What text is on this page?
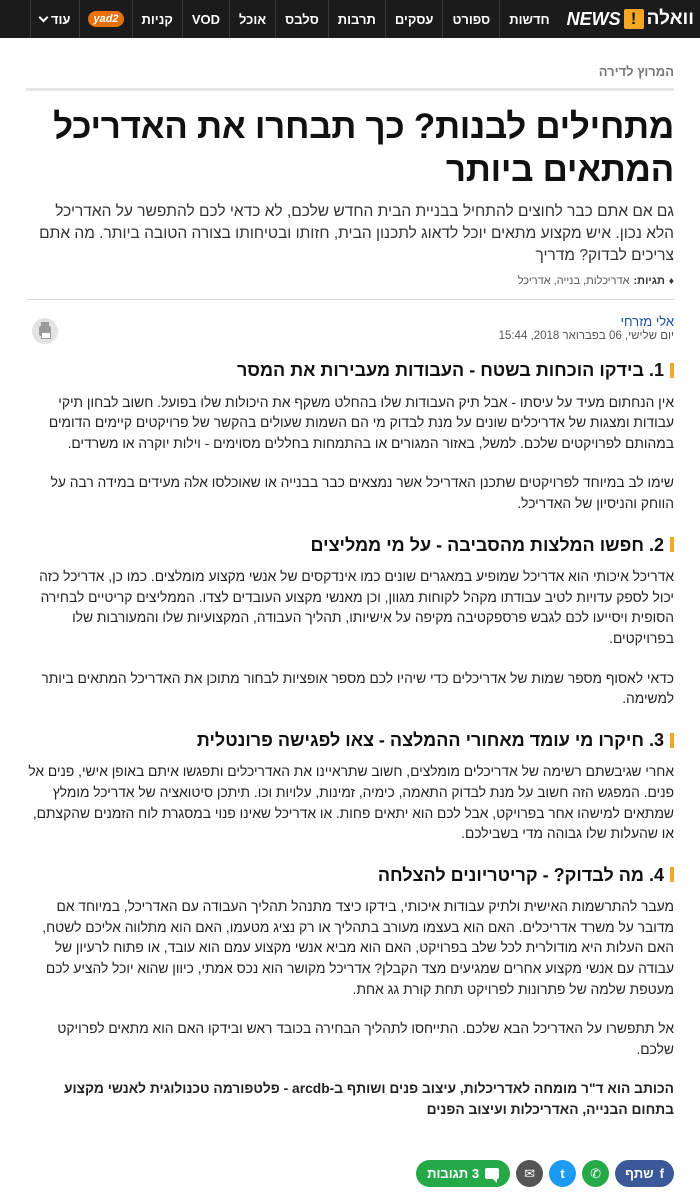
וואלה
!
NEWS
חדשות
ספורט
עסקים
תרבות
סלבס
אוכל
VOD
קניות
yad2
עוד
המרוץ לדירה
מתחילים לבנות? כך תבחרו את האדריכל המתאים ביותר

גם אם אתם כבר לחוצים להתחיל בבניית הבית החדש שלכם, לא כדאי לכם להתפשר על האדריכל הלא נכון. איש מקצוע מתאים יוכל לדאוג לתכנון הבית, חזותו ובטיחותו בצורה הטובה ביותר. מה אתם צריכים לבדוק? מדריך

♦
תגיות:
אדריכלות, בנייה, אדריכל
אלי מזרחי
יום שלישי, 06 בפברואר 2018, 15:44
1. בידקו הוכחות בשטח - העבודות מעבירות את המסר

אין הנחתום מעיד על עיסתו - אבל תיק העבודות שלו בהחלט משקף את היכולות שלו בפועל. חשוב לבחון תיקי עבודות ומצגות של אדריכלים שונים על מנת לבדוק מי הם השמות שעולים בהקשר של פרויקטים קיימים הדומים במהותם לפרויקטים שלכם. למשל, באזור המגורים או בהתמחות בחללים מסוימים - וילות יוקרה או משרדים.

שימו לב במיוחד לפרויקטים שתכנן האדריכל אשר נמצאים כבר בבנייה או שאוכלסו אלה מעידים במידה רבה על הווחק והניסיון של האדריכל.

2. חפשו המלצות מהסביבה - על מי ממליצים

אדריכל איכותי הוא אדריכל שמופיע במאגרים שונים כמו אינדקסים של אנשי מקצוע מומלצים. כמו כן, אדריכל כזה יכול לספק עדויות לטיב עבודתו מקהל לקוחות מגוון, וכן מאנשי מקצוע העובדים לצדו. הממליצים קריטיים לבחירה הסופית ויסייעו לכם לגבש פרספקטיבה מקיפה על אישיותו, תהליך העבודה, המקצועיות שלו והמעורבות שלו בפרויקטים.

כדאי לאסוף מספר שמות של אדריכלים כדי שיהיו לכם מספר אופציות לבחור מתוכן את האדריכל המתאים ביותר למשימה.

3. חיקרו מי עומד מאחורי ההמלצה - צאו לפגישה פרונטלית

אחרי שגיבשתם רשימה של אדריכלים מומלצים, חשוב שתראיינו את האדריכלים ותפגשו איתם באופן אישי, פנים אל פנים. המפגש הזה חשוב על מנת לבדוק התאמה, כימיה, זמינות, עלויות וכו. תיתכן סיטואציה של אדריכל מומלץ שמתאים למישהו אחר בפרויקט, אבל לכם הוא יתאים פחות. או אדריכל שאינו פנוי במסגרת לוח הזמנים שהקצתם, או שהעלות שלו גבוהה מדי בשבילכם.

4. מה לבדוק? - קריטריונים להצלחה

מעבר להתרשמות האישית ולתיק עבודות איכותי, בידקו כיצד מתנהל תהליך העבודה עם האדריכל, במיוחד אם מדובר על משרד אדריכלים. האם הוא בעצמו מעורב בתהליך או רק נציג מטעמו, האם הוא מתלווה אליכם לשטח, האם העלות היא מודולרית לכל שלב בפרויקט, האם הוא מביא אנשי מקצוע עמם הוא עובד, או פתוח לרעיון של עבודה עם אנשי מקצוע אחרים שמגיעים מצד הקבלן? אדריכל מקושר הוא נכס אמתי, כיוון שהוא יוכל להציע לכם מעטפת שלמה של פתרונות לפרויקט תחת קורת גג אחת.

אל תתפשרו על האדריכל הבא שלכם. התייחסו לתהליך הבחירה בכובד ראש ובידקו האם הוא מתאים לפרויקט שלכם.

הכותב הוא ד"ר מומחה לאדריכלות, עיצוב פנים ושותף ב-arcdb - פלטפורמה טכנולוגית לאנשי מקצוע בתחום הבנייה, האדריכלות ועיצוב הפנים

f
שתף
✆
t
✉
3 תגובות
